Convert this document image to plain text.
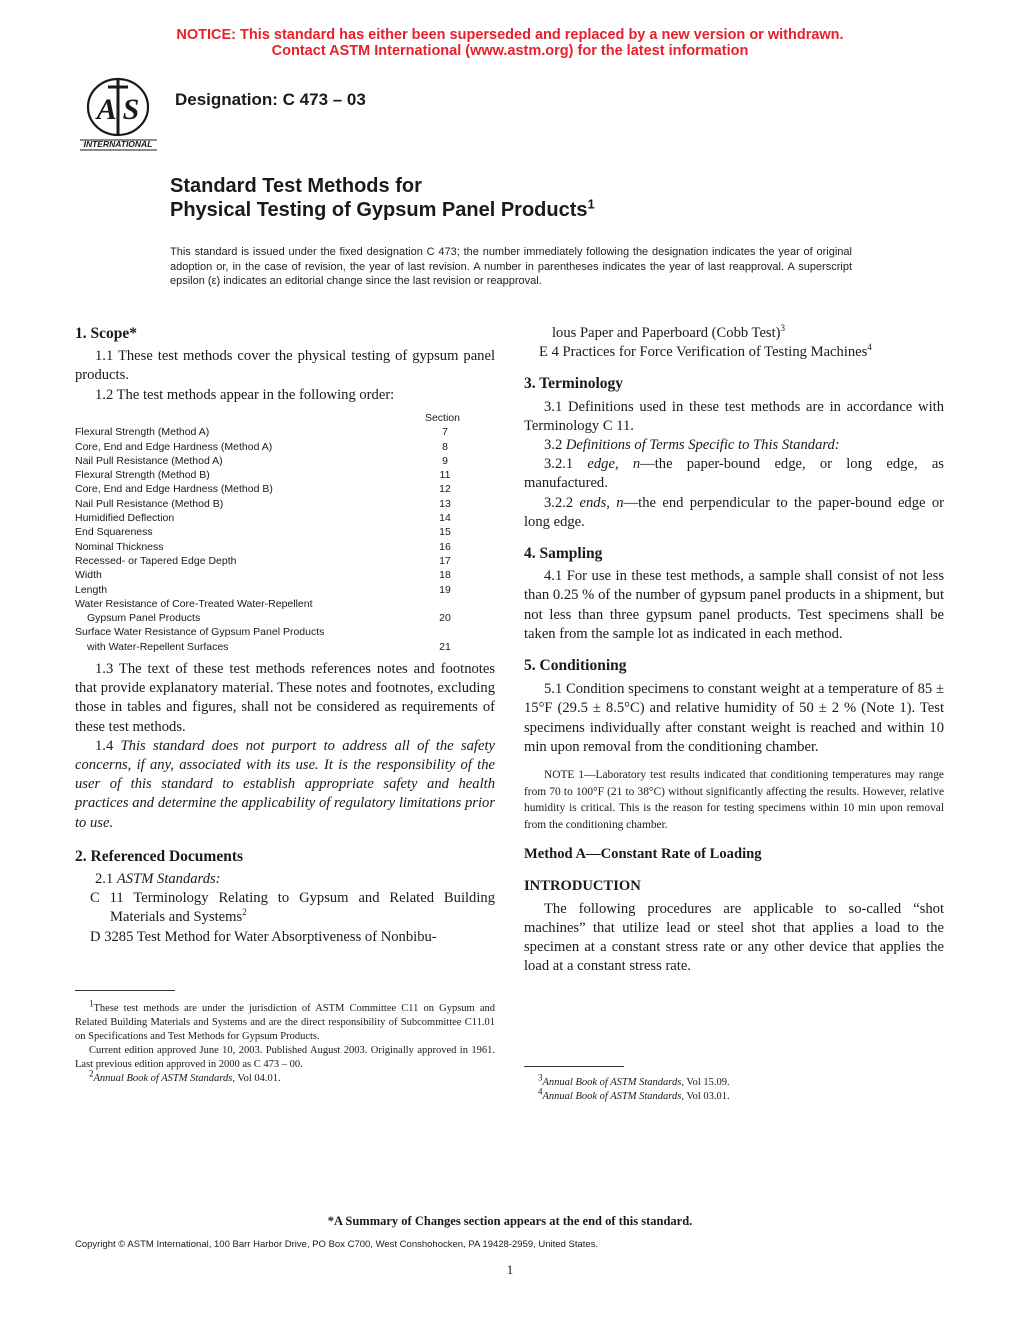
NOTICE: This standard has either been superseded and replaced by a new version or withdrawn.
Contact ASTM International (www.astm.org) for the latest information
A S
INTERNATIONAL
Designation: C 473 – 03
Standard Test Methods for
Physical Testing of Gypsum Panel Products$^1$
This standard is issued under the fixed designation C 473; the number immediately following the designation indicates the year of original adoption or, in the case of revision, the year of last revision. A number in parentheses indicates the year of last reapproval. A superscript epsilon (ε) indicates an editorial change since the last revision or reapproval.

1. Scope*

1.1 These test methods cover the physical testing of gypsum panel products.

1.2 The test methods appear in the following order:

Section
Flexural Strength (Method A)	7
Core, End and Edge Hardness (Method A)	8
Nail Pull Resistance (Method A)	9
Flexural Strength (Method B)	11
Core, End and Edge Hardness (Method B)	12
Nail Pull Resistance (Method B)	13
Humidified Deflection	14
End Squareness	15
Nominal Thickness	16
Recessed- or Tapered Edge Depth	17
Width	18
Length	19
Water Resistance of Core-Treated Water-Repellent
Gypsum Panel Products	20
Surface Water Resistance of Gypsum Panel Products
with Water-Repellent Surfaces	21

1.3 The text of these test methods references notes and footnotes that provide explanatory material. These notes and footnotes, excluding those in tables and figures, shall not be considered as requirements of these test methods.

1.4 This standard does not purport to address all of the safety concerns, if any, associated with its use. It is the responsibility of the user of this standard to establish appropriate safety and health practices and determine the applicability of regulatory limitations prior to use.

2. Referenced Documents

2.1 ASTM Standards:

C 11 Terminology Relating to Gypsum and Related Building Materials and Systems$^2$

D 3285 Test Method for Water Absorptiveness of Nonbibu-

$^1$These test methods are under the jurisdiction of ASTM Committee C11 on Gypsum and Related Building Materials and Systems and are the direct responsibility of Subcommittee C11.01 on Specifications and Test Methods for Gypsum Products.
Current edition approved June 10, 2003. Published August 2003. Originally approved in 1961. Last previous edition approved in 2000 as C 473 – 00.
$^2$Annual Book of ASTM Standards, Vol 04.01.

lous Paper and Paperboard (Cobb Test)$^3$

E 4 Practices for Force Verification of Testing Machines$^4$

3. Terminology

3.1 Definitions used in these test methods are in accordance with Terminology C 11.

3.2 Definitions of Terms Specific to This Standard:

3.2.1 edge, n—the paper-bound edge, or long edge, as manufactured.

3.2.2 ends, n—the end perpendicular to the paper-bound edge or long edge.

4. Sampling

4.1 For use in these test methods, a sample shall consist of not less than 0.25 % of the number of gypsum panel products in a shipment, but not less than three gypsum panel products. Test specimens shall be taken from the sample lot as indicated in each method.

5. Conditioning

5.1 Condition specimens to constant weight at a temperature of 85 ± 15°F (29.5 ± 8.5°C) and relative humidity of 50 ± 2 % (Note 1). Test specimens individually after constant weight is reached and within 10 min upon removal from the conditioning chamber.

NOTE 1—Laboratory test results indicated that conditioning temperatures may range from 70 to 100°F (21 to 38°C) without significantly affecting the results. However, relative humidity is critical. This is the reason for testing specimens within 10 min upon removal from the conditioning chamber.

Method A—Constant Rate of Loading

INTRODUCTION

The following procedures are applicable to so-called “shot machines” that utilize lead or steel shot that applies a load to the specimen at a constant stress rate or any other device that applies the load at a constant stress rate.

$^3$Annual Book of ASTM Standards, Vol 15.09.
$^4$Annual Book of ASTM Standards, Vol 03.01.
*A Summary of Changes section appears at the end of this standard.
Copyright © ASTM International, 100 Barr Harbor Drive, PO Box C700, West Conshohocken, PA 19428-2959, United States.
1
